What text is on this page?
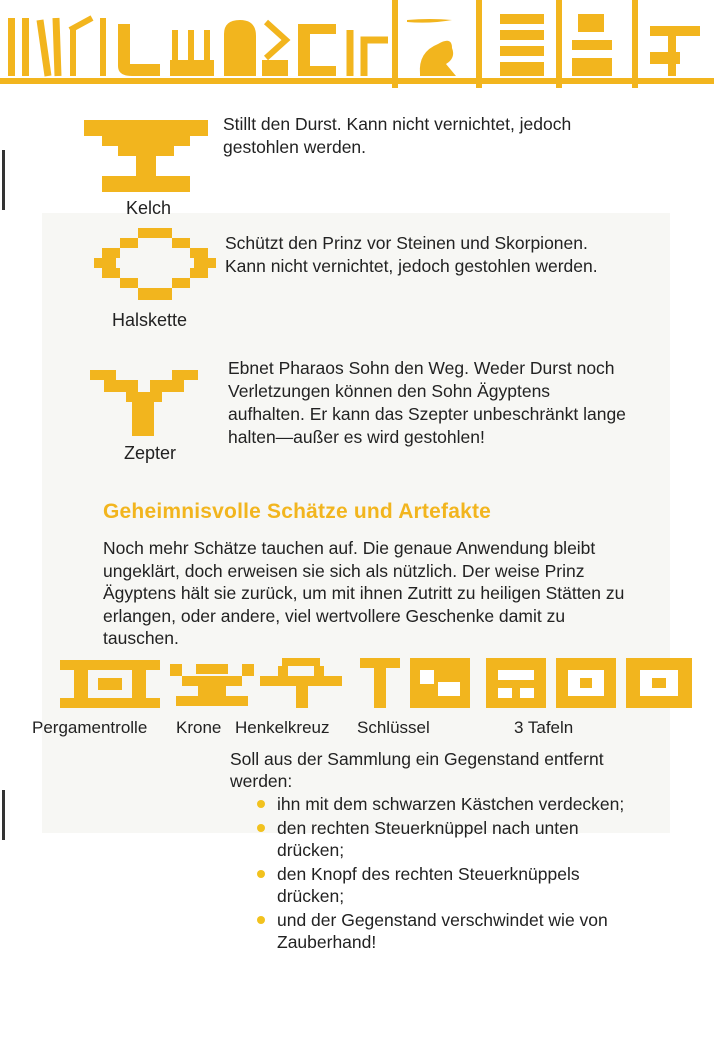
Kelch
Stillt den Durst. Kann nicht vernichtet, jedoch gestohlen werden.
Halskette
Schützt den Prinz vor Steinen und Skorpionen. Kann nicht vernichtet, jedoch gestohlen werden.
Zepter
Ebnet Pharaos Sohn den Weg. Weder Durst noch Verletzungen können den Sohn Ägyptens aufhalten. Er kann das Szepter unbeschränkt lange halten—außer es wird gestohlen!
Geheimnisvolle Schätze und Artefakte
Noch mehr Schätze tauchen auf. Die genaue Anwendung bleibt ungeklärt, doch erweisen sie sich als nützlich. Der weise Prinz Ägyptens hält sie zurück, um mit ihnen Zutritt zu heiligen Stätten zu erlangen, oder andere, viel wertvollere Geschenke damit zu tauschen.
Pergamentrolle Krone Henkelkreuz Schlüssel	3 Tafeln
Soll aus der Sammlung ein Gegenstand entfernt werden:
ihn mit dem schwarzen Kästchen verdecken;
den rechten Steuerknüppel nach unten drücken;
den Knopf des rechten Steuerknüppels drücken;
und der Gegenstand verschwindet wie von Zauberhand!
